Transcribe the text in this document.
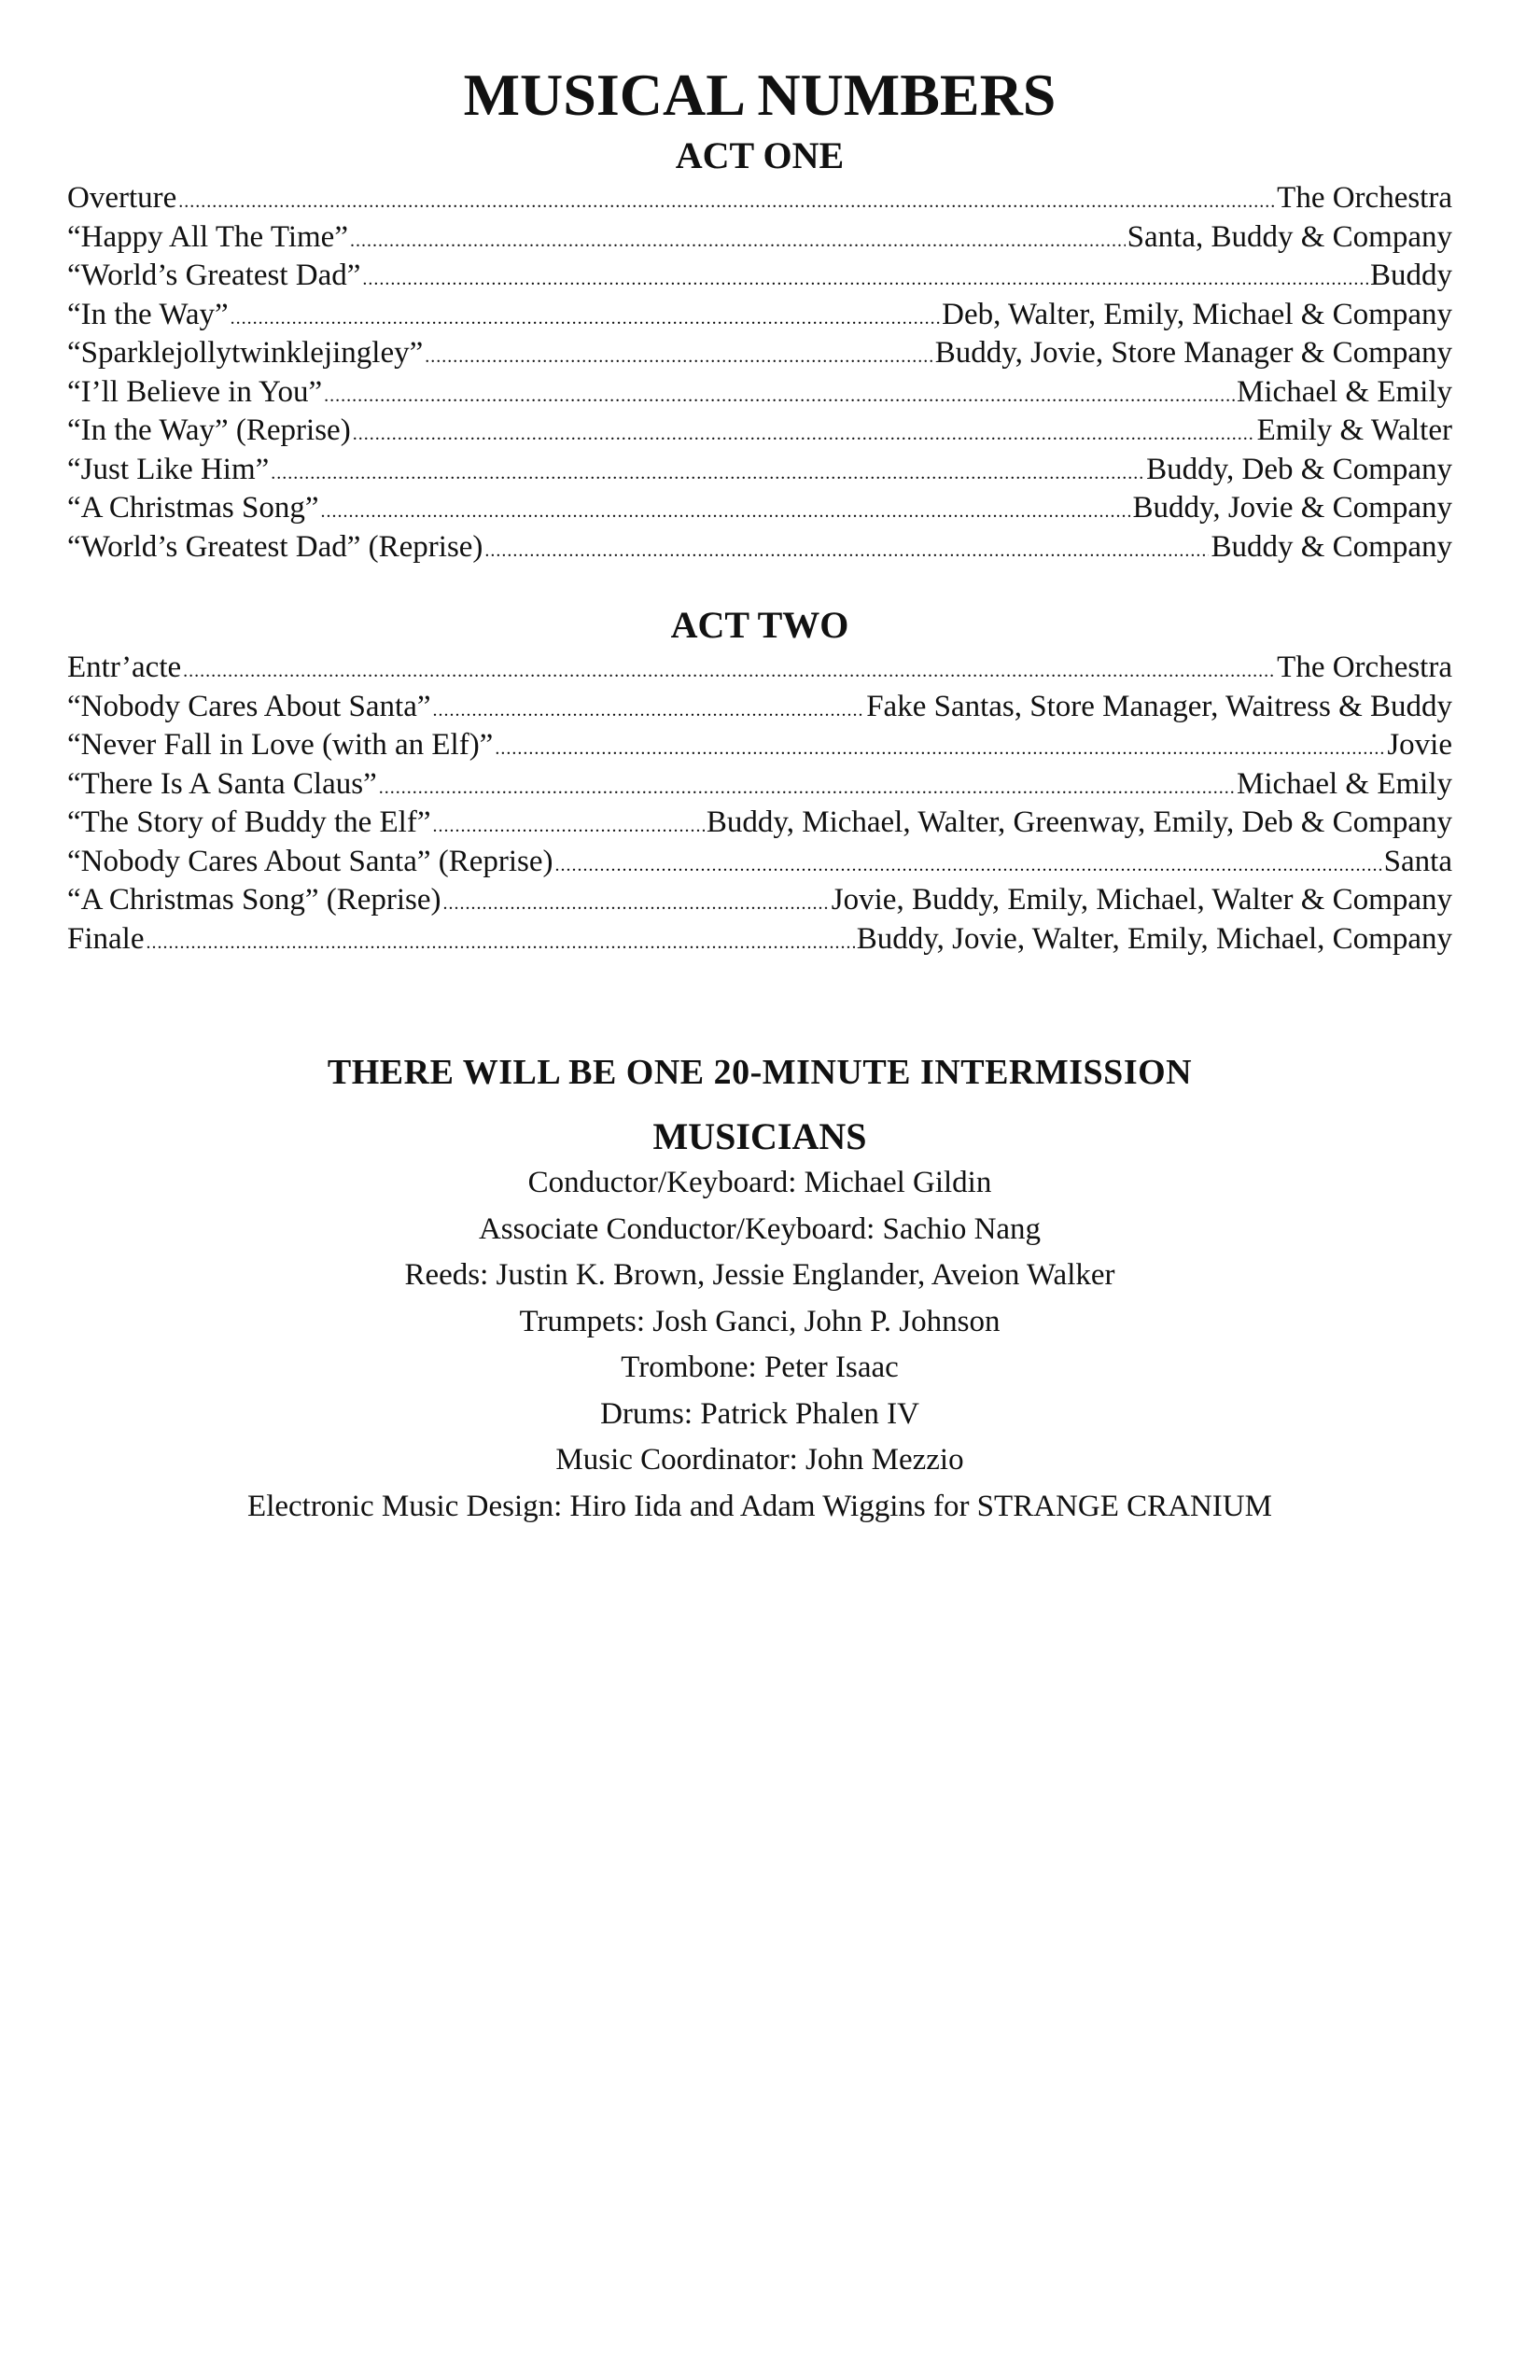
MUSICAL NUMBERS
ACT ONE
Overture .....	The Orchestra
“Happy All The Time” .....	Santa, Buddy & Company
“World’s Greatest Dad” .....	Buddy
“In the Way” .....	Deb, Walter, Emily, Michael & Company
“Sparklejollytwinklejingley” .....	Buddy, Jovie, Store Manager & Company
“I’ll Believe in You” .....	Michael & Emily
“In the Way” (Reprise) .....	Emily & Walter
“Just Like Him” .....	Buddy, Deb & Company
“A Christmas Song” .....	Buddy, Jovie & Company
“World’s Greatest Dad” (Reprise) .....	Buddy & Company
ACT TWO
Entr’acte .....	The Orchestra
“Nobody Cares About Santa” .....	Fake Santas, Store Manager, Waitress & Buddy
“Never Fall in Love (with an Elf)” .....	Jovie
“There Is A Santa Claus” .....	Michael & Emily
“The Story of Buddy the Elf” .....	Buddy, Michael, Walter, Greenway, Emily, Deb & Company
“Nobody Cares About Santa” (Reprise) .....	Santa
“A Christmas Song” (Reprise) .....	Jovie, Buddy, Emily, Michael, Walter & Company
Finale .....	Buddy, Jovie, Walter, Emily, Michael, Company
THERE WILL BE ONE 20-MINUTE INTERMISSION
MUSICIANS
Conductor/Keyboard: Michael Gildin
Associate Conductor/Keyboard: Sachio Nang
Reeds: Justin K. Brown, Jessie Englander, Aveion Walker
Trumpets: Josh Ganci, John P. Johnson
Trombone: Peter Isaac
Drums: Patrick Phalen IV
Music Coordinator: John Mezzio
Electronic Music Design: Hiro Iida and Adam Wiggins for STRANGE CRANIUM
